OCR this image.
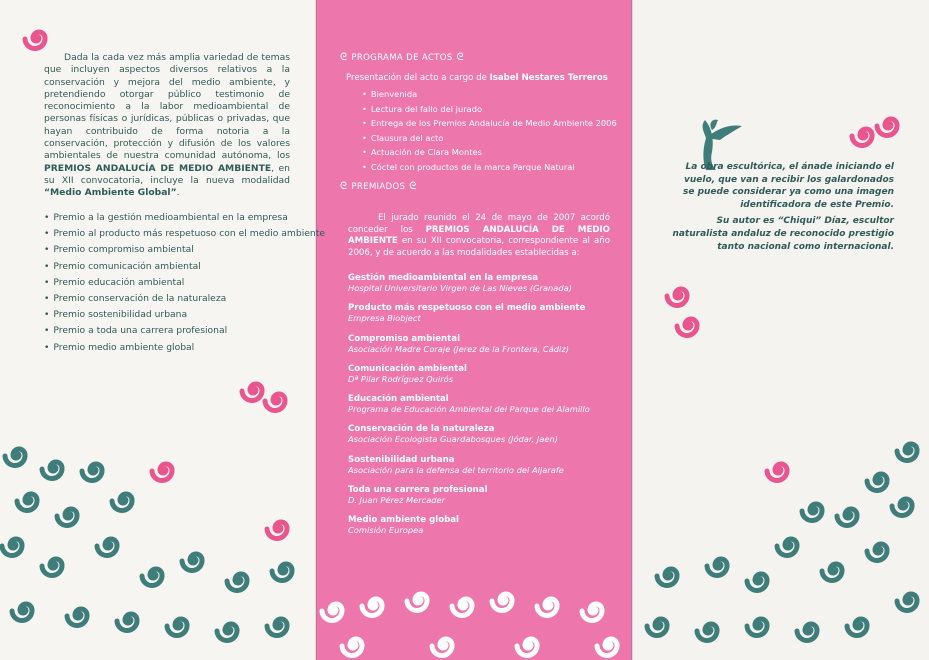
Dada la cada vez más amplia variedad de temas que incluyen aspectos diversos relativos a la conservación y mejora del medio ambiente, y pretendiendo otorgar público testimonio de reconocimiento a la labor medioambiental de personas físicas o jurídicas, públicas o privadas, que hayan contribuido de forma notoria a la conservación, protección y difusión de los valores ambientales de nuestra comunidad autónoma, los PREMIOS ANDALUCÍA DE MEDIO AMBIENTE, en su XII convocatoria, incluye la nueva modalidad “Medio Ambiente Global”.
• Premio a la gestión medioambiental en la empresa
• Premio al producto más respetuoso con el medio ambiente
• Premio compromiso ambiental
• Premio comunicación ambiental
• Premio educación ambiental
• Premio conservación de la naturaleza
• Premio sostenibilidad urbana
• Premio a toda una carrera profesional
• Premio medio ambiente global
ᘓ PROGRAMA DE ACTOS ᘓ
Presentación del acto a cargo de Isabel Nestares Terreros
• Bienvenida
• Lectura del fallo del jurado
• Entrega de los Premios Andalucía de Medio Ambiente 2006
• Clausura del acto
• Actuación de Clara Montes
• Cóctel con productos de la marca Parque Natural
ᘓ PREMIADOS ᘓ
El jurado reunido el 24 de mayo de 2007 acordó conceder los PREMIOS ANDALUCÍA DE MEDIO AMBIENTE en su XII convocatoria, correspondiente al año 2006, y de acuerdo a las modalidades establecidas a:
Gestión medioambiental en la empresa
Hospital Universitario Virgen de Las Nieves (Granada)
Producto más respetuoso con el medio ambiente
Empresa Biobject
Compromiso ambiental
Asociación Madre Coraje (Jerez de la Frontera, Cádiz)
Comunicación ambiental
Dª Pilar Rodríguez Quirós
Educación ambiental
Programa de Educación Ambiental del Parque del Alamillo
Conservación de la naturaleza
Asociación Ecologista Guardabosques (Jódar, Jaen)
Sostenibilidad urbana
Asociación para la defensa del territorio del Aljarafe
Toda una carrera profesional
D. Juan Pérez Mercader
Medio ambiente global
Comisión Europea

La obra escultórica, el ánade iniciando el vuelo, que van a recibir los galardonados se puede considerar ya como una imagen identificadora de este Premio.

Su autor es “Chiqui” Díaz, escultor naturalista andaluz de reconocido prestigio tanto nacional como internacional.
